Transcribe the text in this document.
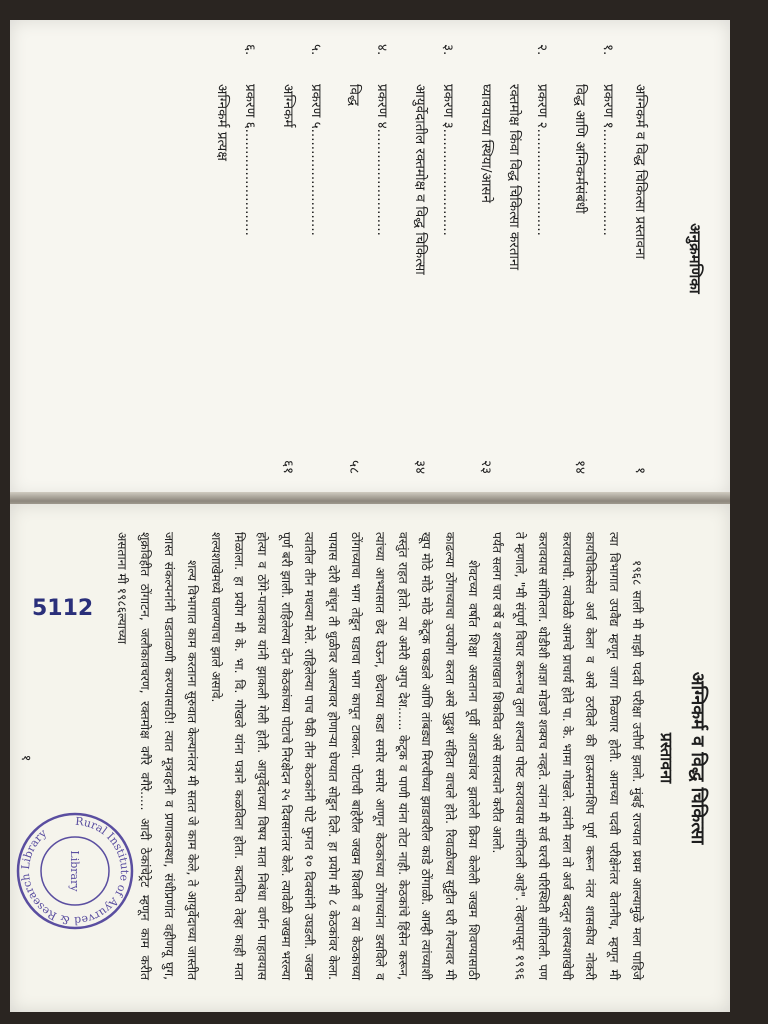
अनुक्रमणिका
अग्निकर्म व विद्ध चिकित्सा प्रस्तावना
१
१.प्रकरण १.........................
विद्ध आणि अग्निकर्मसंबंधी
१४
२.प्रकरण २.........................
रक्तमोक्ष किंवा विद्ध चिकित्सा करताना
घ्यावयाच्या स्थिया/आसने
२३
३.प्रकरण ३.........................
आयुर्वेदातील रक्तमोक्ष व विद्ध चिकित्सा
३४
४.प्रकरण ४.........................
विद्ध
५८
५.प्रकरण ५.........................
अग्निकर्म
६१
६.प्रकरण ६.........................
अग्निकर्म प्रत्यक्ष
अग्निकर्म व विद्ध चिकित्सा
प्रस्तावना

१९६८ साली मी माझी पदवी परीक्षा उत्तीर्ण झालो. मुंबई राज्यात प्रथम आल्यामुळे मला पाहिजे त्या विभागात उपवैद्य म्हणून जागा मिळणार होती. आमच्या पदवी परीक्षेनंतर वेतानीच, म्हणून मी कायचिकित्सेत अर्ज केला व असे ठरविले की हाऊसमनशिप पूर्ण करून नंतर शासकीय नोकरी करावयाची. त्यावेळी आमचे प्राचार्य होते पा. के. भामा गोखले. त्यांनी मला तो अर्ज बदलून शल्यशाखेची करावयास सांगितला. थोडीशी आज्ञा मोडणे शक्यच नव्हते. त्यांना मी सर्व घरची परिस्थिती सांगितली. पण ते म्हणाले, "मी संपूर्ण विचार करूनच तुला शल्यात पोस्ट करावयास सांगितली आहे". तेव्हापासून १९९६ पर्यंत सलग चार वर्षे व शल्याशाखात शिकवित असे सातत्याने करीत आलो.

शेवटच्या वर्षात शिक्षा असताना पूर्वी आतड्यांवर झालेली क्रिया केलेली जखम शिवण्यासाठी काढल्या ठोंगाच्याचा उपयोग करता असे पुढुश संहिता वाचले होते. रिवाळीच्या सुट्टीत घरी गेल्यावर मी खूप मोठे मोठे मोठे केटूक पकडले आणि तांबड्या मिरचीच्या झाडावरील काडे ठोंगाळी. आम्ही त्यांच्याशी वस्तुंत राहत होतो. त्या अमेरी अगुप देश...... केटूक व पाणी यांना तोटा नाही. केठकांचे हिंसेन करून, त्यांच्या आभ्यासात छेद घेऊन, छेदाच्या कडा समोर समोर आणून केठकांच्या ठोंगाच्यांना डसविले व ठोंगाच्याचा भाग तोडून घडाचा भाग कापून टाकला. पोटाची बाहेरील जखम शिवली व त्या केठकाच्या पायास दोरी बांधून ती धुळीवर आल्यावर होणार्‍या घेण्यात सोडून दिले. हा प्रयोग मी ८ केठकांवर केला. त्यातील तीन मधल्या मेले. राहिलेल्या पाच पैकी तीन केठकांनी पोटे फुगत १० दिवसांनी उघडली. जखम पूर्ण बरी झाली. राहिलेल्या दोन केठकांच्या पोटाचे निरक्षेदन २५ दिवसानंतर केले. त्यावेळी जखमा भरल्या होत्या व ठोंगे-पालकाय यांनी झाकली गेली होती. आयुर्वेदाच्या विषय माता निबंधा वर्णन पाहावयास मिळाला. हा प्रयोग मी के. भा. वि. गोखले यांना पत्राने कळविला होता. कदाचित तेव्हा काही मता शल्यशाखेमध्ये घालण्याचा झाले असावे.

शल्य विभागात काम करताना सुरुवात केल्यानंतर मी सतत जे काम केले, ते आयुर्वेदाच्या जास्तीत जास्त संकल्पनांनी पडताळणी करण्यासाठी! त्यात मूत्रवहनी व प्रणाकवस्था, संधीप्रणांत वहीणयू घुग, शुक्रविहीत ठोंगाटन, जलौकावचरण, रक्तमोक्ष वगैरे वगैरे..... आदी ठेकांचेट्रेट म्हणून काम करीत असताना मी १९८६ल्याच्या

१
5112
Rural Institute of Ayurved & Research Library
Library
